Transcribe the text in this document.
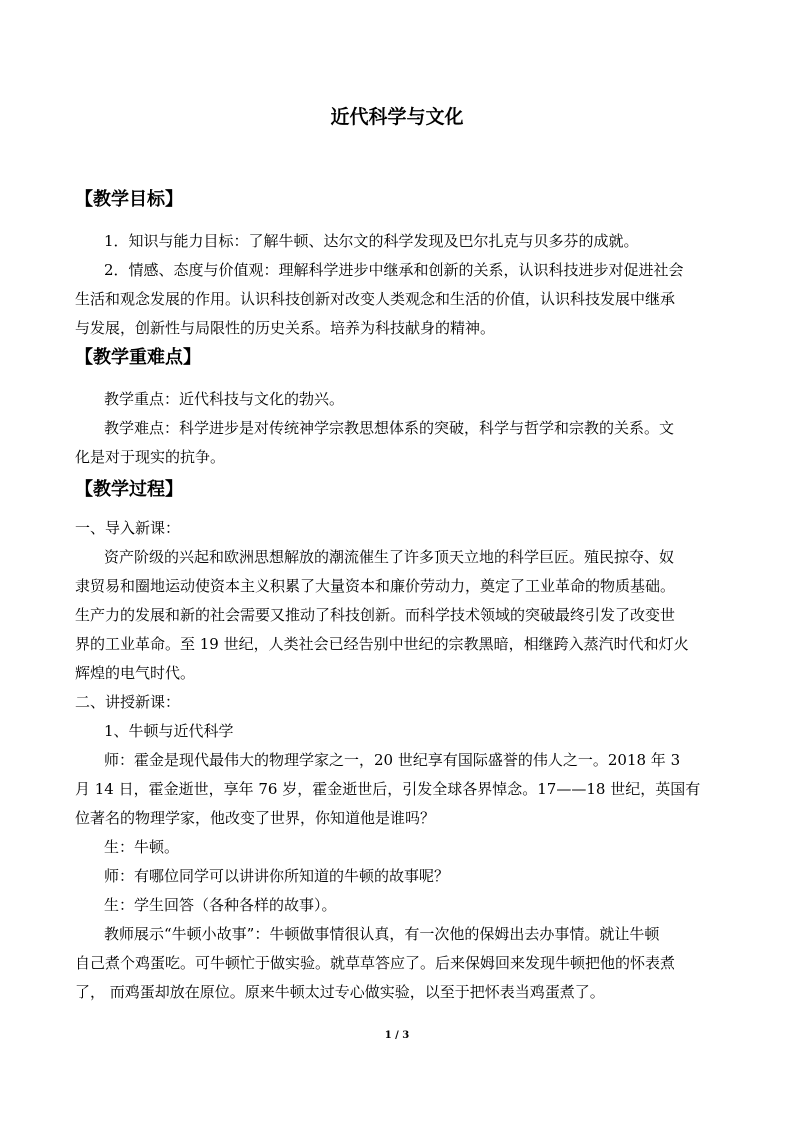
近代科学与文化
【教学目标】
1．知识与能力目标：了解牛顿、达尔文的科学发现及巴尔扎克与贝多芬的成就。
2．情感、态度与价值观：理解科学进步中继承和创新的关系，认识科技进步对促进社会
生活和观念发展的作用。认识科技创新对改变人类观念和生活的价值，认识科技发展中继承
与发展，创新性与局限性的历史关系。培养为科技献身的精神。
【教学重难点】
教学重点：近代科技与文化的勃兴。
教学难点：科学进步是对传统神学宗教思想体系的突破，科学与哲学和宗教的关系。文
化是对于现实的抗争。
【教学过程】
一、导入新课：
资产阶级的兴起和欧洲思想解放的潮流催生了许多顶天立地的科学巨匠。殖民掠夺、奴
隶贸易和圈地运动使资本主义积累了大量资本和廉价劳动力，奠定了工业革命的物质基础。
生产力的发展和新的社会需要又推动了科技创新。而科学技术领域的突破最终引发了改变世
界的工业革命。至 19 世纪，人类社会已经告别中世纪的宗教黑暗，相继跨入蒸汽时代和灯火
辉煌的电气时代。
二、讲授新课：
1、牛顿与近代科学
师：霍金是现代最伟大的物理学家之一，20 世纪享有国际盛誉的伟人之一。2018 年 3
月 14 日，霍金逝世，享年 76 岁，霍金逝世后，引发全球各界悼念。17——18 世纪，英国有
位著名的物理学家，他改变了世界，你知道他是谁吗？
生：牛顿。
师：有哪位同学可以讲讲你所知道的牛顿的故事呢？
生：学生回答（各种各样的故事）。
教师展示“牛顿小故事”：牛顿做事情很认真，有一次他的保姆出去办事情。就让牛顿
自己煮个鸡蛋吃。可牛顿忙于做实验。就草草答应了。后来保姆回来发现牛顿把他的怀表煮
了， 而鸡蛋却放在原位。原来牛顿太过专心做实验，以至于把怀表当鸡蛋煮了。
1 / 3
